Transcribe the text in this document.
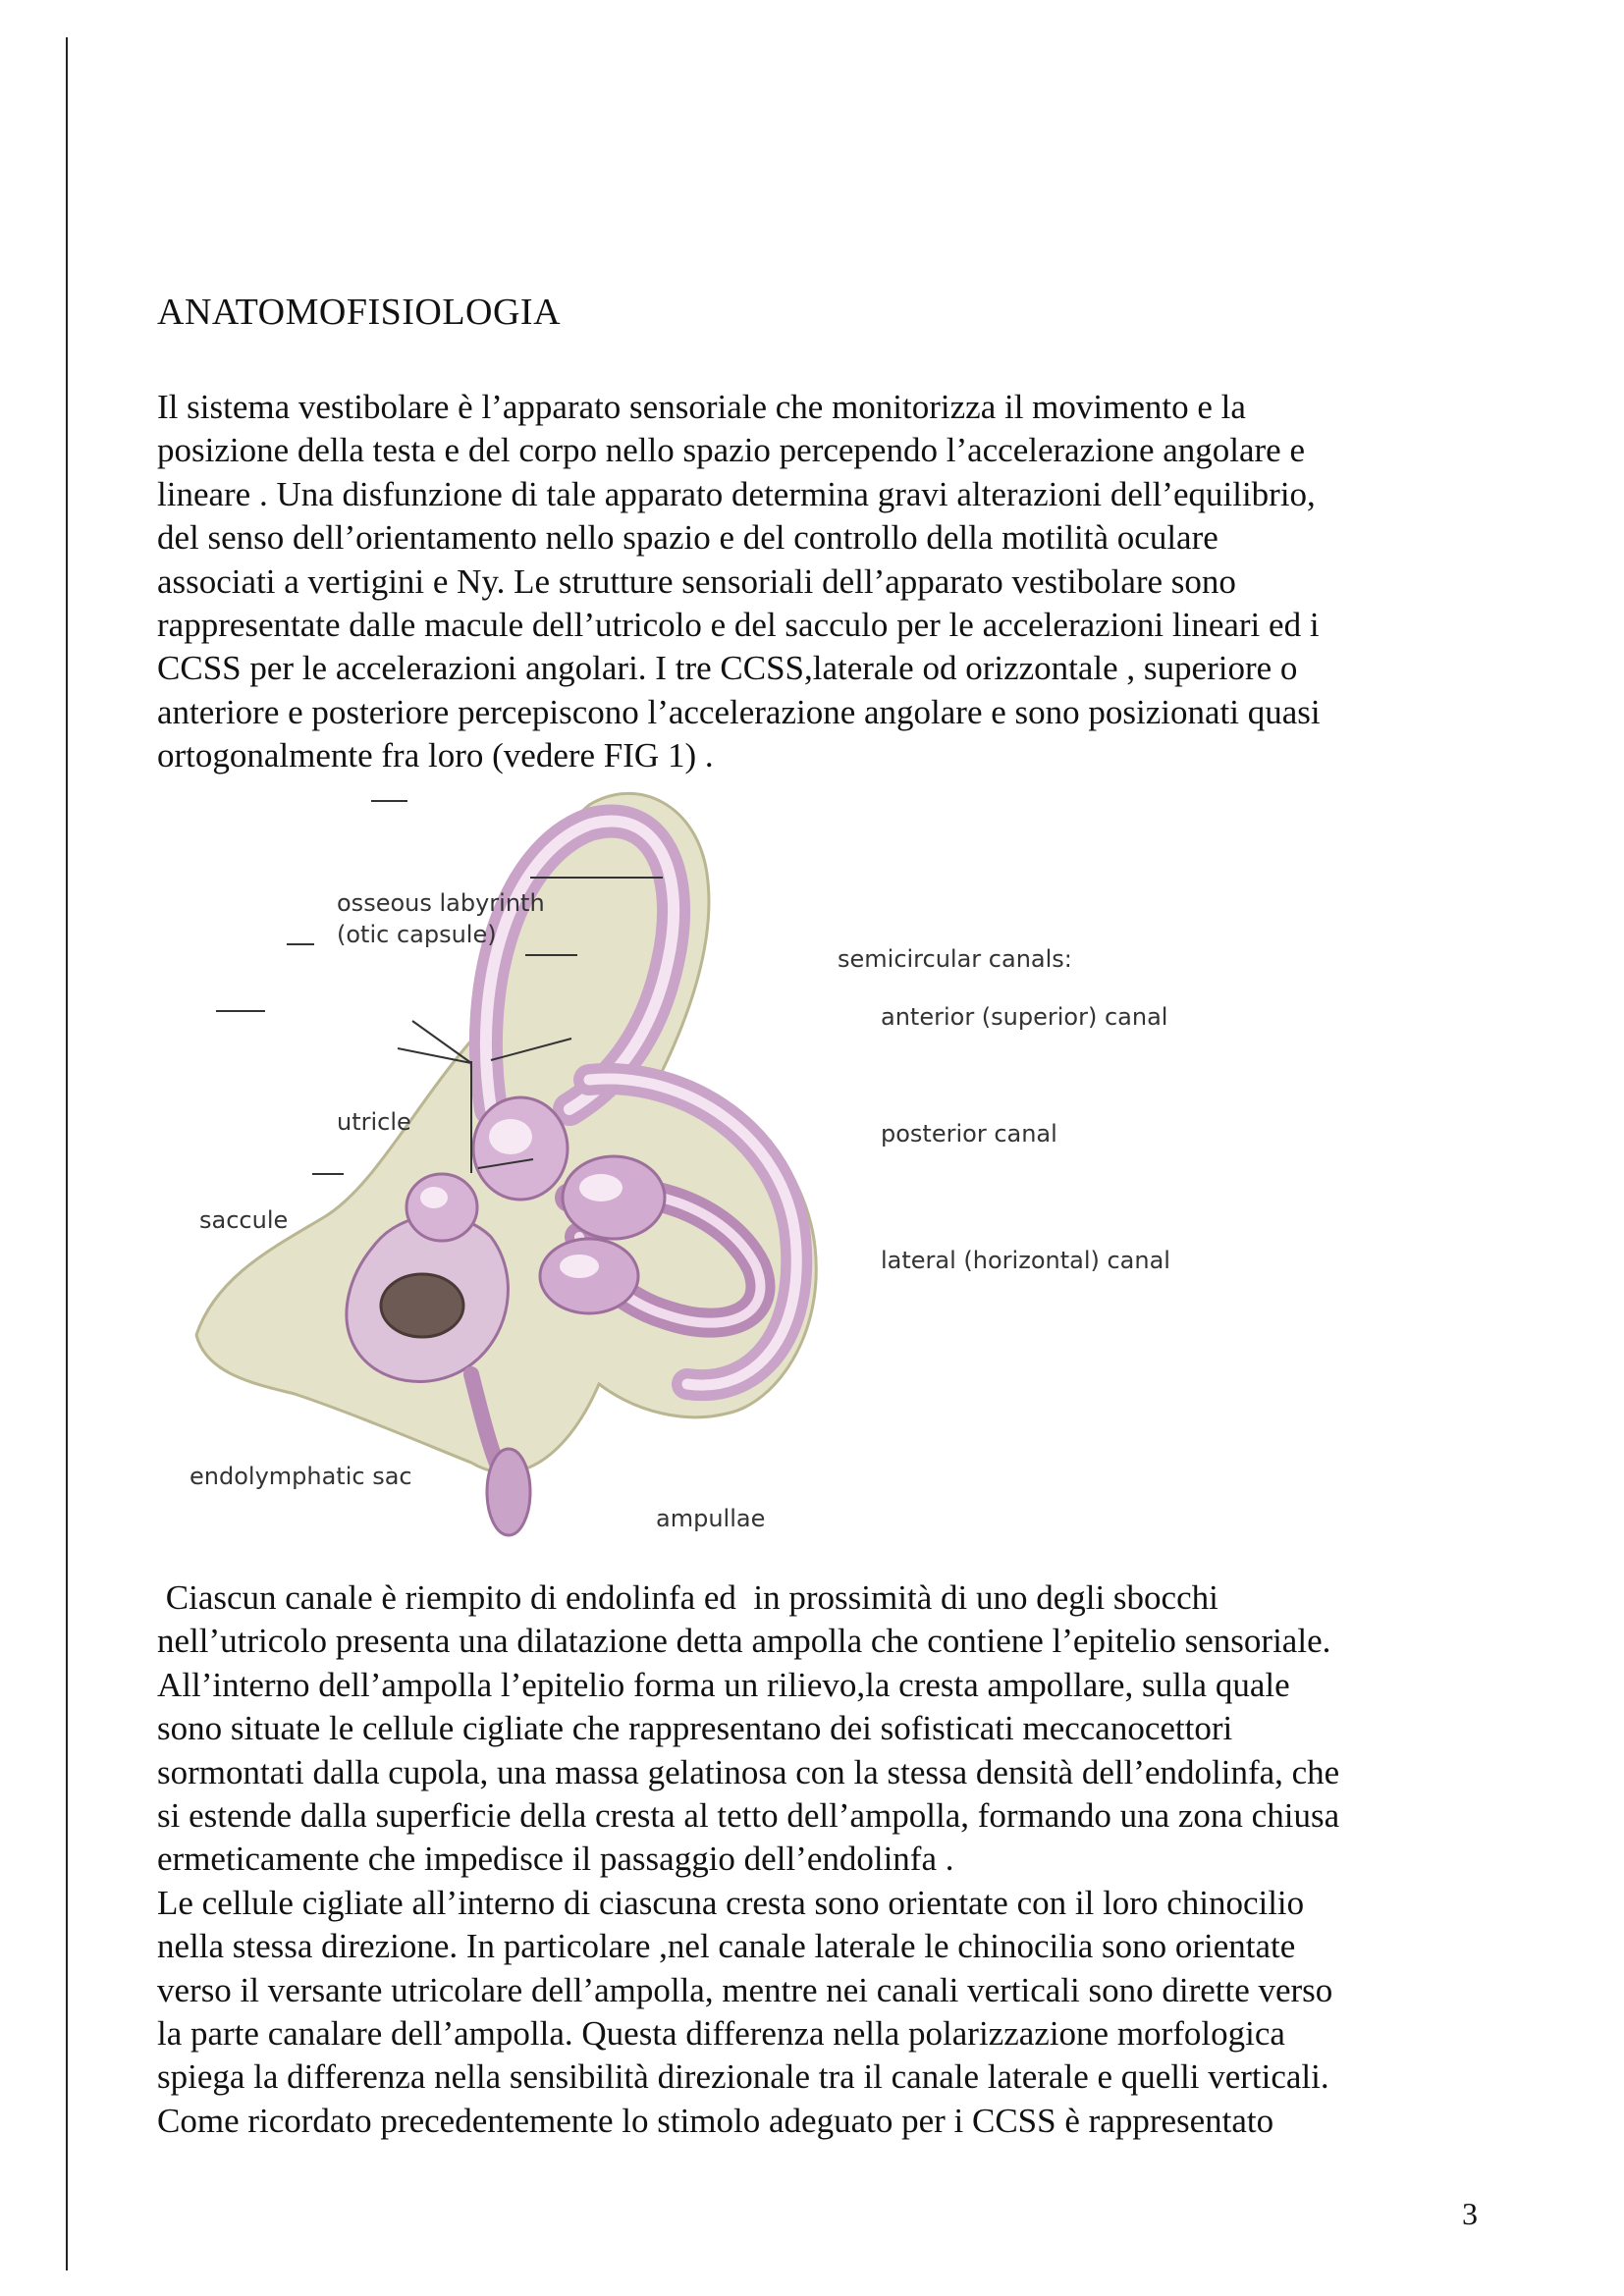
ANATOMOFISIOLOGIA
Il sistema vestibolare è l’apparato sensoriale che monitorizza il movimento e la
posizione della testa e del corpo nello spazio percependo l’accelerazione angolare e
lineare . Una disfunzione di tale apparato determina gravi alterazioni dell’equilibrio,
del senso dell’orientamento nello spazio e del controllo della motilità oculare
associati a vertigini e Ny. Le strutture sensoriali dell’apparato vestibolare sono
rappresentate dalle macule dell’utricolo e del sacculo per le accelerazioni lineari ed i
CCSS per le accelerazioni angolari. I tre CCSS,laterale od orizzontale , superiore o
anteriore e posteriore percepiscono l’accelerazione angolare e sono posizionati quasi
ortogonalmente fra loro (vedere FIG 1) .
osseous labyrinth
(otic capsule)
semicircular canals:
anterior (superior) canal
utricle	posterior canal
saccule
lateral (horizontal) canal
endolymphatic sac
ampullae
Ciascun canale è riempito di endolinfa ed  in prossimità di uno degli sbocchi
nell’utricolo presenta una dilatazione detta ampolla che contiene l’epitelio sensoriale.
All’interno dell’ampolla l’epitelio forma un rilievo,la cresta ampollare, sulla quale
sono situate le cellule cigliate che rappresentano dei sofisticati meccanocettori
sormontati dalla cupola, una massa gelatinosa con la stessa densità dell’endolinfa, che
si estende dalla superficie della cresta al tetto dell’ampolla, formando una zona chiusa
ermeticamente che impedisce il passaggio dell’endolinfa .
Le cellule cigliate all’interno di ciascuna cresta sono orientate con il loro chinocilio
nella stessa direzione. In particolare ,nel canale laterale le chinocilia sono orientate
verso il versante utricolare dell’ampolla, mentre nei canali verticali sono dirette verso
la parte canalare dell’ampolla. Questa differenza nella polarizzazione morfologica
spiega la differenza nella sensibilità direzionale tra il canale laterale e quelli verticali.
Come ricordato precedentemente lo stimolo adeguato per i CCSS è rappresentato
3
